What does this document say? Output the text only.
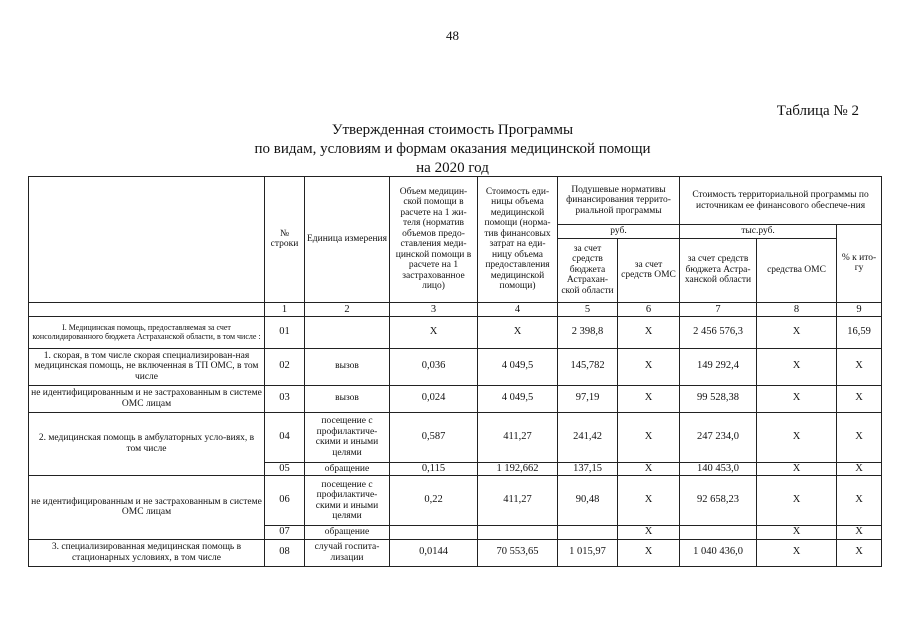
48
Таблица № 2
Утвержденная стоимость Программы
по видам, условиям и формам оказания медицинской помощи
на 2020 год
	№ строки	Единица измерения	Объем медицин-ской помощи в расчете на 1 жи-теля (норматив объемов предо-ставления меди-цинской помощи в расчете на 1 застрахованное лицо)	Стоимость еди-ницы объема медицинской помощи (норма-тив финансовых затрат на еди-ницу объема предоставления медицинской помощи)	Подушевые нормативы финансирования террито-риальной программы		Стоимость территориальной программы по источникам ее финансового обеспече-ния		
					руб.		тыс.руб.		% к ито-гу
					за счет средств бюджета Астрахан-ской области	за счет средств ОМС	за счет средств бюджета Астра-ханской области	средства ОМС	
	1	2	3	4	5	6	7	8	9
I. Медицинская помощь, предоставляемая за счет консолидированного бюджета Астраханской области, в том числе :	01		Х	Х	2 398,8	Х	2 456 576,3	Х	16,59
1. скорая, в том числе скорая специализирован-ная медицинская помощь, не включенная в ТП ОМС, в том числе	02	вызов	0,036	4 049,5	145,782	Х	149 292,4	Х	Х
не идентифицированным и не застрахованным в системе ОМС лицам	03	вызов	0,024	4 049,5	97,19	Х	99 528,38	Х	Х
2. медицинская помощь в амбулаторных усло-виях, в том числе	04	посещение с профилактиче-скими и иными целями	0,587	411,27	241,42	Х	247 234,0	Х	Х
	05	обращение	0,115	1 192,662	137,15	Х	140 453,0	Х	Х
не идентифицированным и не застрахованным в системе ОМС лицам	06	посещение с профилактиче-скими и иными целями	0,22	411,27	90,48	Х	92 658,23	Х	Х
	07	обращение				Х		Х	Х
3. специализированная медицинская помощь в стационарных условиях, в том числе	08	случай госпита-лизации	0,0144	70 553,65	1 015,97	Х	1 040 436,0	Х	Х
